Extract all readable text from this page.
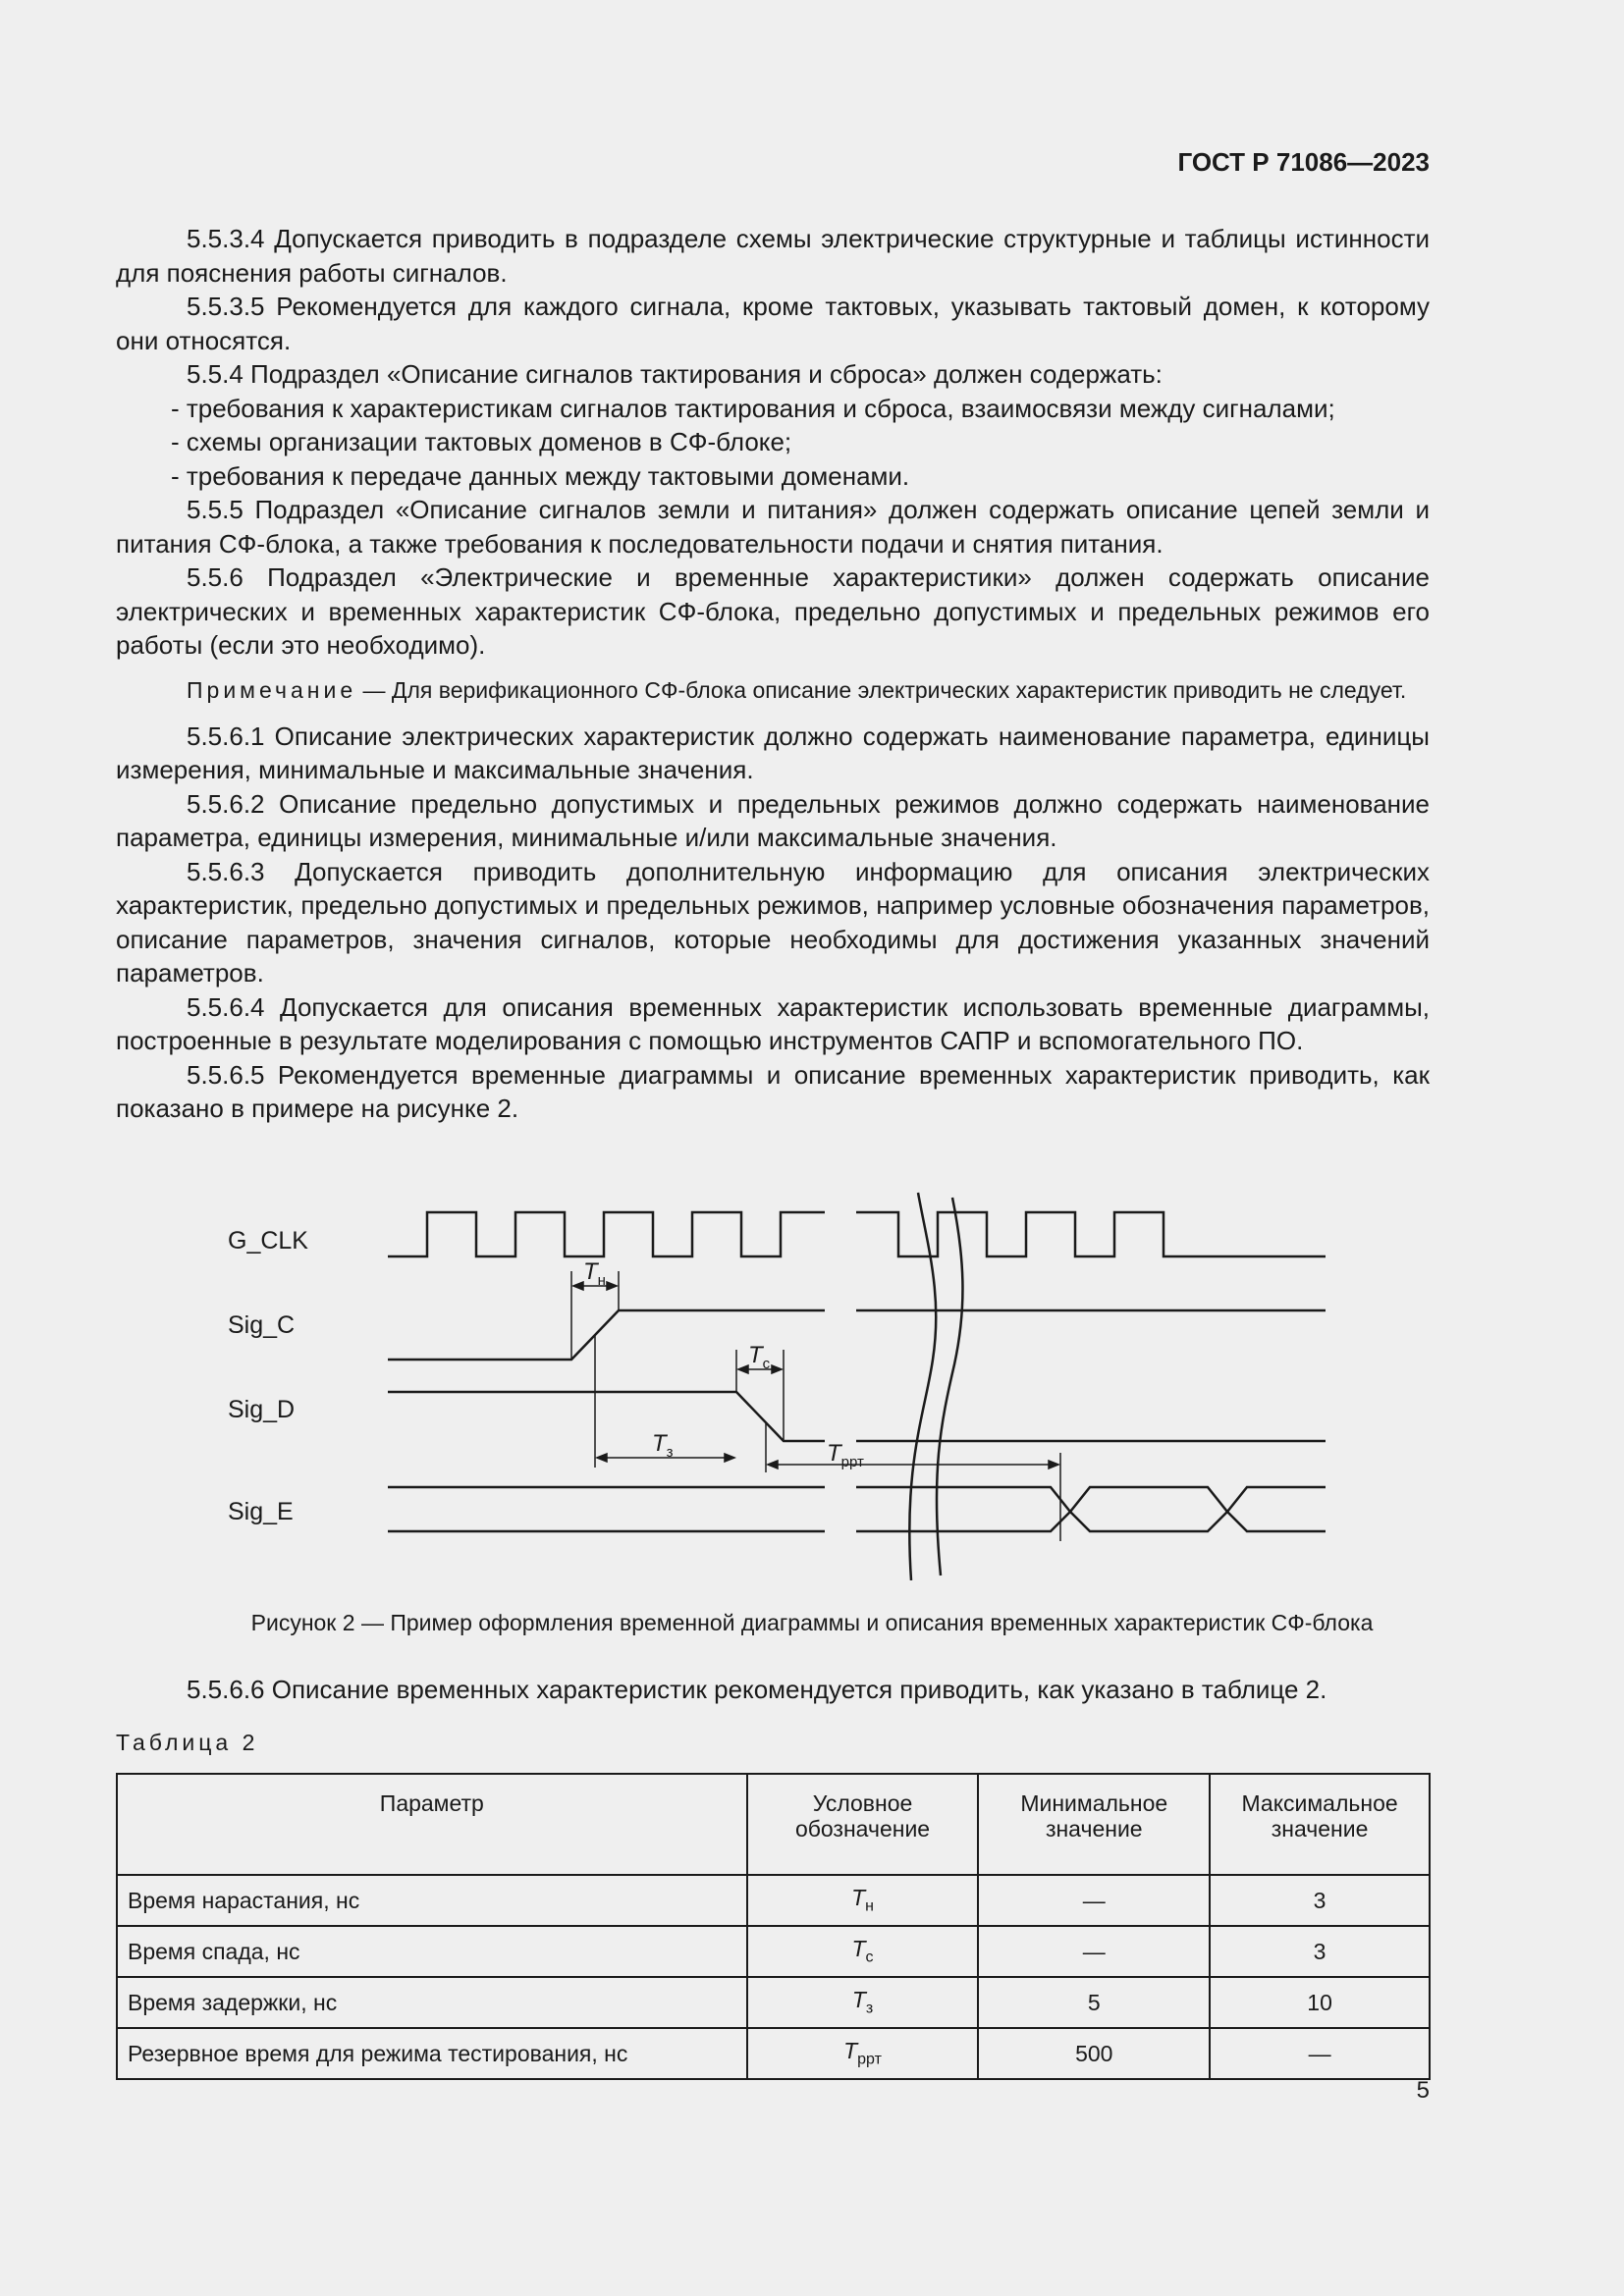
ГОСТ Р 71086—2023

5.5.3.4 Допускается приводить в подразделе схемы электрические структурные и таблицы истинности для пояснения работы сигналов.

5.5.3.5 Рекомендуется для каждого сигнала, кроме тактовых, указывать тактовый домен, к которому они относятся.

5.5.4 Подраздел «Описание сигналов тактирования и сброса» должен содержать:

- требования к характеристикам сигналов тактирования и сброса, взаимосвязи между сигналами;

- схемы организации тактовых доменов в СФ-блоке;

- требования к передаче данных между тактовыми доменами.

5.5.5 Подраздел «Описание сигналов земли и питания» должен содержать описание цепей земли и питания СФ-блока, а также требования к последовательности подачи и снятия питания.

5.5.6 Подраздел «Электрические и временные характеристики» должен содержать описание электрических и временных характеристик СФ-блока, предельно допустимых и предельных режимов его работы (если это необходимо).

Примечание — Для верификационного СФ-блока описание электрических характеристик приводить не следует.

5.5.6.1 Описание электрических характеристик должно содержать наименование параметра, единицы измерения, минимальные и максимальные значения.

5.5.6.2 Описание предельно допустимых и предельных режимов должно содержать наименование параметра, единицы измерения, минимальные и/или максимальные значения.

5.5.6.3 Допускается приводить дополнительную информацию для описания электрических характеристик, предельно допустимых и предельных режимов, например условные обозначения параметров, описание параметров, значения сигналов, которые необходимы для достижения указанных значений параметров.

5.5.6.4 Допускается для описания временных характеристик использовать временные диаграммы, построенные в результате моделирования с помощью инструментов САПР и вспомогательного ПО.

5.5.6.5 Рекомендуется временные диаграммы и описание временных характеристик приводить, как показано в примере на рисунке 2.

G_CLK
Sig_C
Sig_D
Sig_E
$T_н$
$T_с$
$T_з$	$T_{ррт}$
Рисунок 2 — Пример оформления временной диаграммы и описания временных характеристик СФ-блока
5.5.6.6 Описание временных характеристик рекомендуется приводить, как указано в таблице 2.
Таблица 2
Параметр	Условное обозначение	Минимальное значение	Максимальное значение
Время нарастания, нс	$T_н$	—	3
Время спада, нс	$T_с$	—	3
Время задержки, нс	$T_з$	5	10
Резервное время для режима тестирования, нс	$T_{ррт}$	500	—
5
